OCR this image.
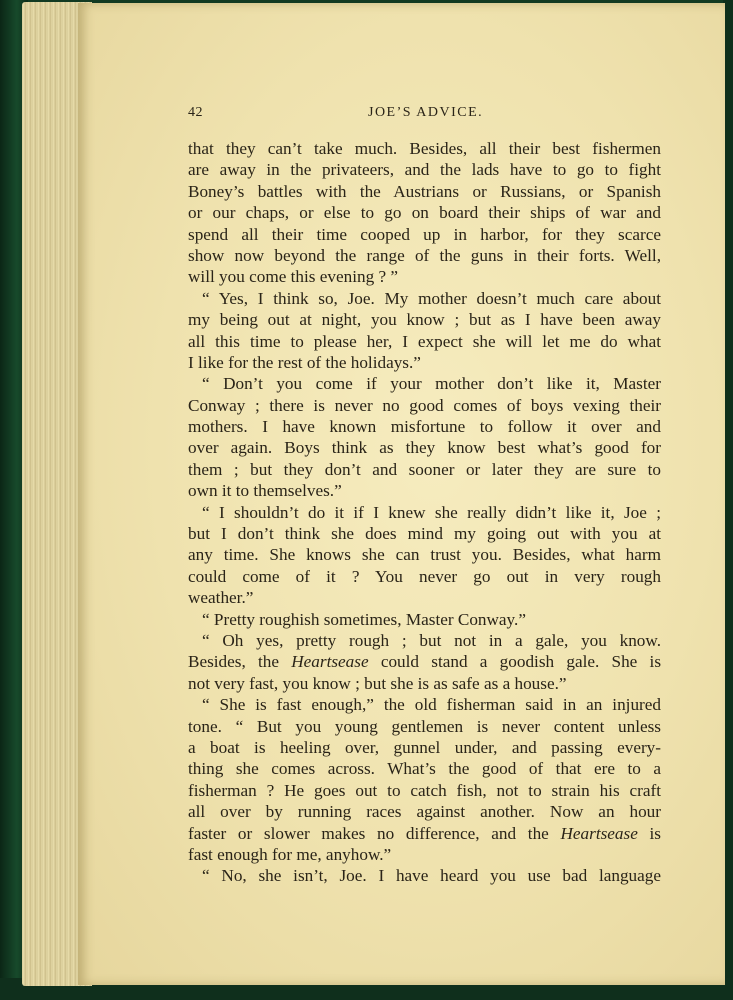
42	JOE’S ADVICE.
that they can’t take much. Besides, all their best fishermen
are away in the privateers, and the lads have to go to fight
Boney’s battles with the Austrians or Russians, or Spanish
or our chaps, or else to go on board their ships of war and
spend all their time cooped up in harbor, for they scarce
show now beyond the range of the guns in their forts. Well,
will you come this evening ? ”
“ Yes, I think so, Joe. My mother doesn’t much care about
my being out at night, you know ; but as I have been away
all this time to please her, I expect she will let me do what
I like for the rest of the holidays.”
“ Don’t you come if your mother don’t like it, Master
Conway ; there is never no good comes of boys vexing their
mothers. I have known misfortune to follow it over and
over again. Boys think as they know best what’s good for
them ; but they don’t and sooner or later they are sure to
own it to themselves.”
“ I shouldn’t do it if I knew she really didn’t like it, Joe ;
but I don’t think she does mind my going out with you at
any time. She knows she can trust you. Besides, what harm
could come of it ? You never go out in very rough
weather.”
“ Pretty roughish sometimes, Master Conway.”
“ Oh yes, pretty rough ; but not in a gale, you know.
Besides, the Heartsease could stand a goodish gale. She is
not very fast, you know ; but she is as safe as a house.”
“ She is fast enough,” the old fisherman said in an injured
tone. “ But you young gentlemen is never content unless
a boat is heeling over, gunnel under, and passing every-
thing she comes across. What’s the good of that ere to a
fisherman ? He goes out to catch fish, not to strain his craft
all over by running races against another. Now an hour
faster or slower makes no difference, and the Heartsease is
fast enough for me, anyhow.”
“ No, she isn’t, Joe. I have heard you use bad language
